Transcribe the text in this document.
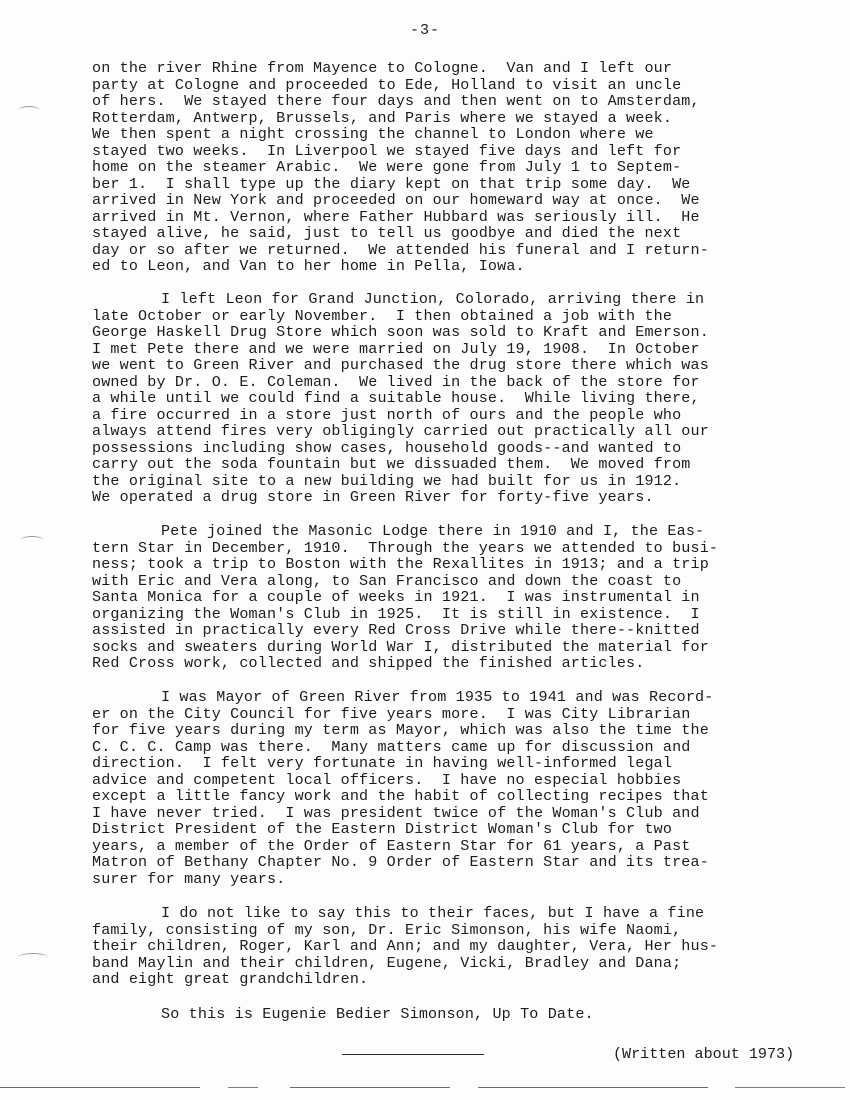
-3-
on the river Rhine from Mayence to Cologne.  Van and I left our
party at Cologne and proceeded to Ede, Holland to visit an uncle
of hers.  We stayed there four days and then went on to Amsterdam,
Rotterdam, Antwerp, Brussels, and Paris where we stayed a week.
We then spent a night crossing the channel to London where we
stayed two weeks.  In Liverpool we stayed five days and left for
home on the steamer Arabic.  We were gone from July 1 to Septem-
ber 1.  I shall type up the diary kept on that trip some day.  We
arrived in New York and proceeded on our homeward way at once.  We
arrived in Mt. Vernon, where Father Hubbard was seriously ill.  He
stayed alive, he said, just to tell us goodbye and died the next
day or so after we returned.  We attended his funeral and I return-
ed to Leon, and Van to her home in Pella, Iowa.
I left Leon for Grand Junction, Colorado, arriving there in
late October or early November.  I then obtained a job with the
George Haskell Drug Store which soon was sold to Kraft and Emerson.
I met Pete there and we were married on July 19, 1908.  In October
we went to Green River and purchased the drug store there which was
owned by Dr. O. E. Coleman.  We lived in the back of the store for
a while until we could find a suitable house.  While living there,
a fire occurred in a store just north of ours and the people who
always attend fires very obligingly carried out practically all our
possessions including show cases, household goods--and wanted to
carry out the soda fountain but we dissuaded them.  We moved from
the original site to a new building we had built for us in 1912.
We operated a drug store in Green River for forty-five years.
Pete joined the Masonic Lodge there in 1910 and I, the Eas-
tern Star in December, 1910.  Through the years we attended to busi-
ness; took a trip to Boston with the Rexallites in 1913; and a trip
with Eric and Vera along, to San Francisco and down the coast to
Santa Monica for a couple of weeks in 1921.  I was instrumental in
organizing the Woman's Club in 1925.  It is still in existence.  I
assisted in practically every Red Cross Drive while there--knitted
socks and sweaters during World War I, distributed the material for
Red Cross work, collected and shipped the finished articles.
I was Mayor of Green River from 1935 to 1941 and was Record-
er on the City Council for five years more.  I was City Librarian
for five years during my term as Mayor, which was also the time the
C. C. C. Camp was there.  Many matters came up for discussion and
direction.  I felt very fortunate in having well-informed legal
advice and competent local officers.  I have no especial hobbies
except a little fancy work and the habit of collecting recipes that
I have never tried.  I was president twice of the Woman's Club and
District President of the Eastern District Woman's Club for two
years, a member of the Order of Eastern Star for 61 years, a Past
Matron of Bethany Chapter No. 9 Order of Eastern Star and its trea-
surer for many years.
I do not like to say this to their faces, but I have a fine
family, consisting of my son, Dr. Eric Simonson, his wife Naomi,
their children, Roger, Karl and Ann; and my daughter, Vera, Her hus-
band Maylin and their children, Eugene, Vicki, Bradley and Dana;
and eight great grandchildren.
So this is Eugenie Bedier Simonson, Up To Date.
(Written about 1973)
